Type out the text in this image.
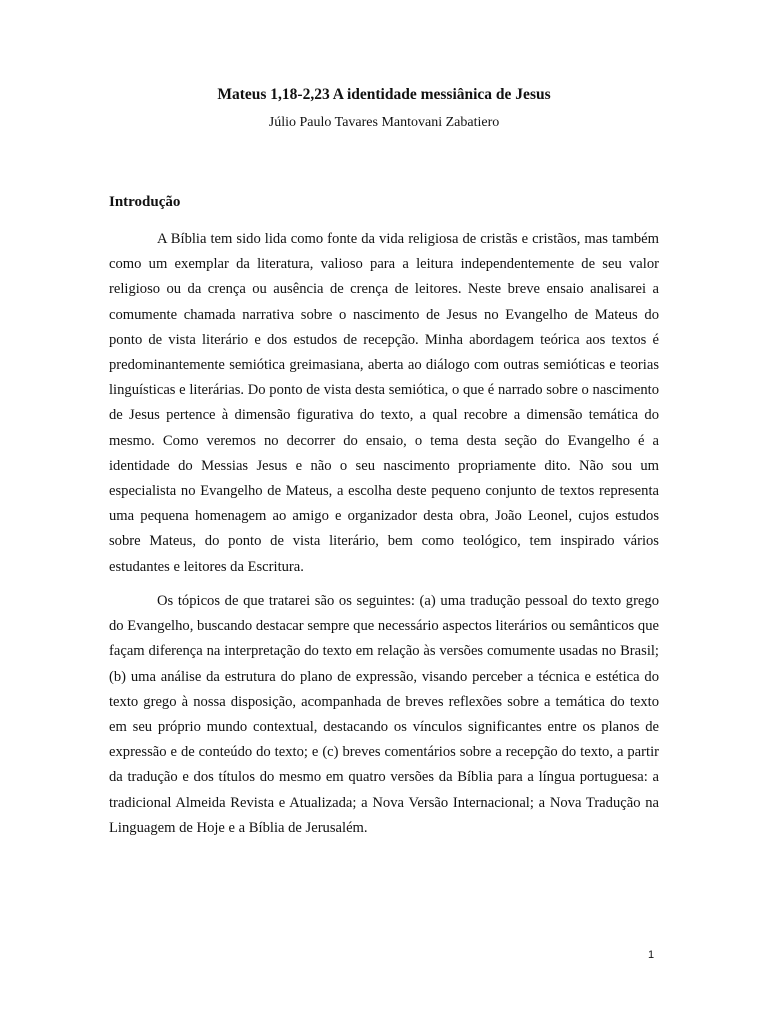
Mateus 1,18-2,23 A identidade messiânica de Jesus

Júlio Paulo Tavares Mantovani Zabatiero

Introdução

A Bíblia tem sido lida como fonte da vida religiosa de cristãs e cristãos, mas também como um exemplar da literatura, valioso para a leitura independentemente de seu valor religioso ou da crença ou ausência de crença de leitores. Neste breve ensaio analisarei a comumente chamada narrativa sobre o nascimento de Jesus no Evangelho de Mateus do ponto de vista literário e dos estudos de recepção. Minha abordagem teórica aos textos é predominantemente semiótica greimasiana, aberta ao diálogo com outras semióticas e teorias linguísticas e literárias. Do ponto de vista desta semiótica, o que é narrado sobre o nascimento de Jesus pertence à dimensão figurativa do texto, a qual recobre a dimensão temática do mesmo. Como veremos no decorrer do ensaio, o tema desta seção do Evangelho é a identidade do Messias Jesus e não o seu nascimento propriamente dito. Não sou um especialista no Evangelho de Mateus, a escolha deste pequeno conjunto de textos representa uma pequena homenagem ao amigo e organizador desta obra, João Leonel, cujos estudos sobre Mateus, do ponto de vista literário, bem como teológico, tem inspirado vários estudantes e leitores da Escritura.

Os tópicos de que tratarei são os seguintes: (a) uma tradução pessoal do texto grego do Evangelho, buscando destacar sempre que necessário aspectos literários ou semânticos que façam diferença na interpretação do texto em relação às versões comumente usadas no Brasil; (b) uma análise da estrutura do plano de expressão, visando perceber a técnica e estética do texto grego à nossa disposição, acompanhada de breves reflexões sobre a temática do texto em seu próprio mundo contextual, destacando os vínculos significantes entre os planos de expressão e de conteúdo do texto; e (c) breves comentários sobre a recepção do texto, a partir da tradução e dos títulos do mesmo em quatro versões da Bíblia para a língua portuguesa: a tradicional Almeida Revista e Atualizada; a Nova Versão Internacional; a Nova Tradução na Linguagem de Hoje e a Bíblia de Jerusalém.

1
